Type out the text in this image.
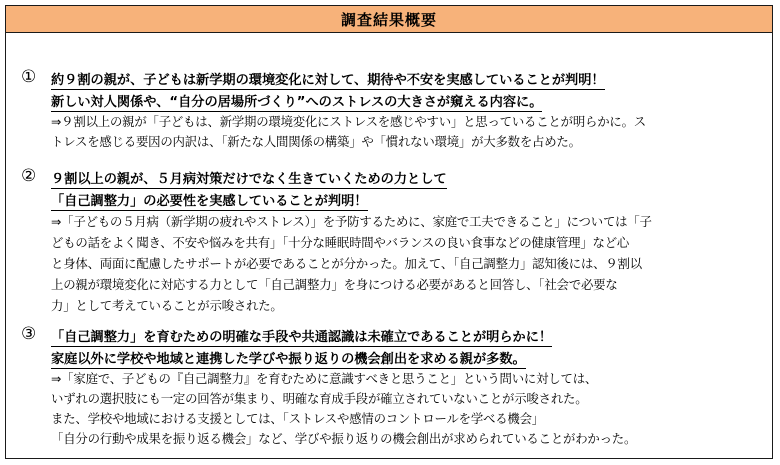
調査結果概要
① 約９割の親が、子どもは新学期の環境変化に対して、期待や不安を実感していることが判明！
新しい対人関係や、“自分の居場所づくり”へのストレスの大きさが窺える内容に。
⇒９割以上の親が「子どもは、新学期の環境変化にストレスを感じやすい」と思っていることが明らかに。ス
トレスを感じる要因の内訳は、「新たな人間関係の構築」や「慣れない環境」が大多数を占めた。
② ９割以上の親が、５月病対策だけでなく生きていくための力として
「自己調整力」の必要性を実感していることが判明！
⇒「子どもの５月病（新学期の疲れやストレス）」を予防するために、家庭で工夫できること」については「子
どもの話をよく聞き、不安や悩みを共有」「十分な睡眠時間やバランスの良い食事などの健康管理」など心
と身体、両面に配慮したサポートが必要であることが分かった。加えて、「自己調整力」認知後には、９割以
上の親が環境変化に対応する力として「自己調整力」を身につける必要があると回答し、「社会で必要な
力」として考えていることが示唆された。
③ 「自己調整力」を育むための明確な手段や共通認識は未確立であることが明らかに！
家庭以外に学校や地域と連携した学びや振り返りの機会創出を求める親が多数。
⇒「家庭で、子どもの『自己調整力』を育むために意識すべきと思うこと」という問いに対しては、
いずれの選択肢にも一定の回答が集まり、明確な育成手段が確立されていないことが示唆された。
また、学校や地域における支援としては、「ストレスや感情のコントロールを学べる機会」
「自分の行動や成果を振り返る機会」など、学びや振り返りの機会創出が求められていることがわかった。
